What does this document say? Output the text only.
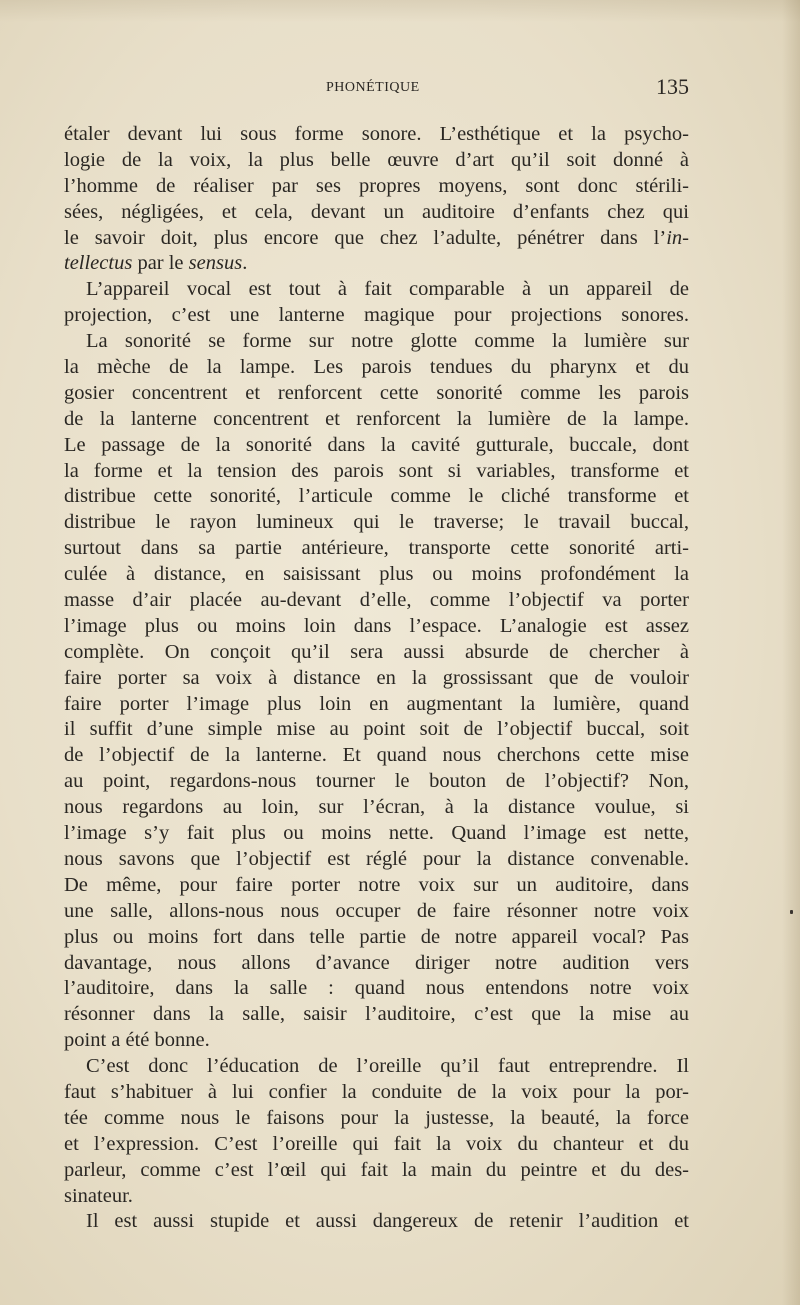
PHONÉTIQUE	135
étaler devant lui sous forme sonore. L’esthétique et la psycho-
logie de la voix, la plus belle œuvre d’art qu’il soit donné à
l’homme de réaliser par ses propres moyens, sont donc stérili-
sées, négligées, et cela, devant un auditoire d’enfants chez qui
le savoir doit, plus encore que chez l’adulte, pénétrer dans l’in-
tellectus par le sensus.
L’appareil vocal est tout à fait comparable à un appareil de
projection, c’est une lanterne magique pour projections sonores.
La sonorité se forme sur notre glotte comme la lumière sur
la mèche de la lampe. Les parois tendues du pharynx et du
gosier concentrent et renforcent cette sonorité comme les parois
de la lanterne concentrent et renforcent la lumière de la lampe.
Le passage de la sonorité dans la cavité gutturale, buccale, dont
la forme et la tension des parois sont si variables, transforme et
distribue cette sonorité, l’articule comme le cliché transforme et
distribue le rayon lumineux qui le traverse; le travail buccal,
surtout dans sa partie antérieure, transporte cette sonorité arti-
culée à distance, en saisissant plus ou moins profondément la
masse d’air placée au-devant d’elle, comme l’objectif va porter
l’image plus ou moins loin dans l’espace. L’analogie est assez
complète. On conçoit qu’il sera aussi absurde de chercher à
faire porter sa voix à distance en la grossissant que de vouloir
faire porter l’image plus loin en augmentant la lumière, quand
il suffit d’une simple mise au point soit de l’objectif buccal, soit
de l’objectif de la lanterne. Et quand nous cherchons cette mise
au point, regardons-nous tourner le bouton de l’objectif? Non,
nous regardons au loin, sur l’écran, à la distance voulue, si
l’image s’y fait plus ou moins nette. Quand l’image est nette,
nous savons que l’objectif est réglé pour la distance convenable.
De même, pour faire porter notre voix sur un auditoire, dans
une salle, allons-nous nous occuper de faire résonner notre voix
plus ou moins fort dans telle partie de notre appareil vocal? Pas
davantage, nous allons d’avance diriger notre audition vers
l’auditoire, dans la salle : quand nous entendons notre voix
résonner dans la salle, saisir l’auditoire, c’est que la mise au
point a été bonne.
C’est donc l’éducation de l’oreille qu’il faut entreprendre. Il
faut s’habituer à lui confier la conduite de la voix pour la por-
tée comme nous le faisons pour la justesse, la beauté, la force
et l’expression. C’est l’oreille qui fait la voix du chanteur et du
parleur, comme c’est l’œil qui fait la main du peintre et du des-
sinateur.
Il est aussi stupide et aussi dangereux de retenir l’audition et
